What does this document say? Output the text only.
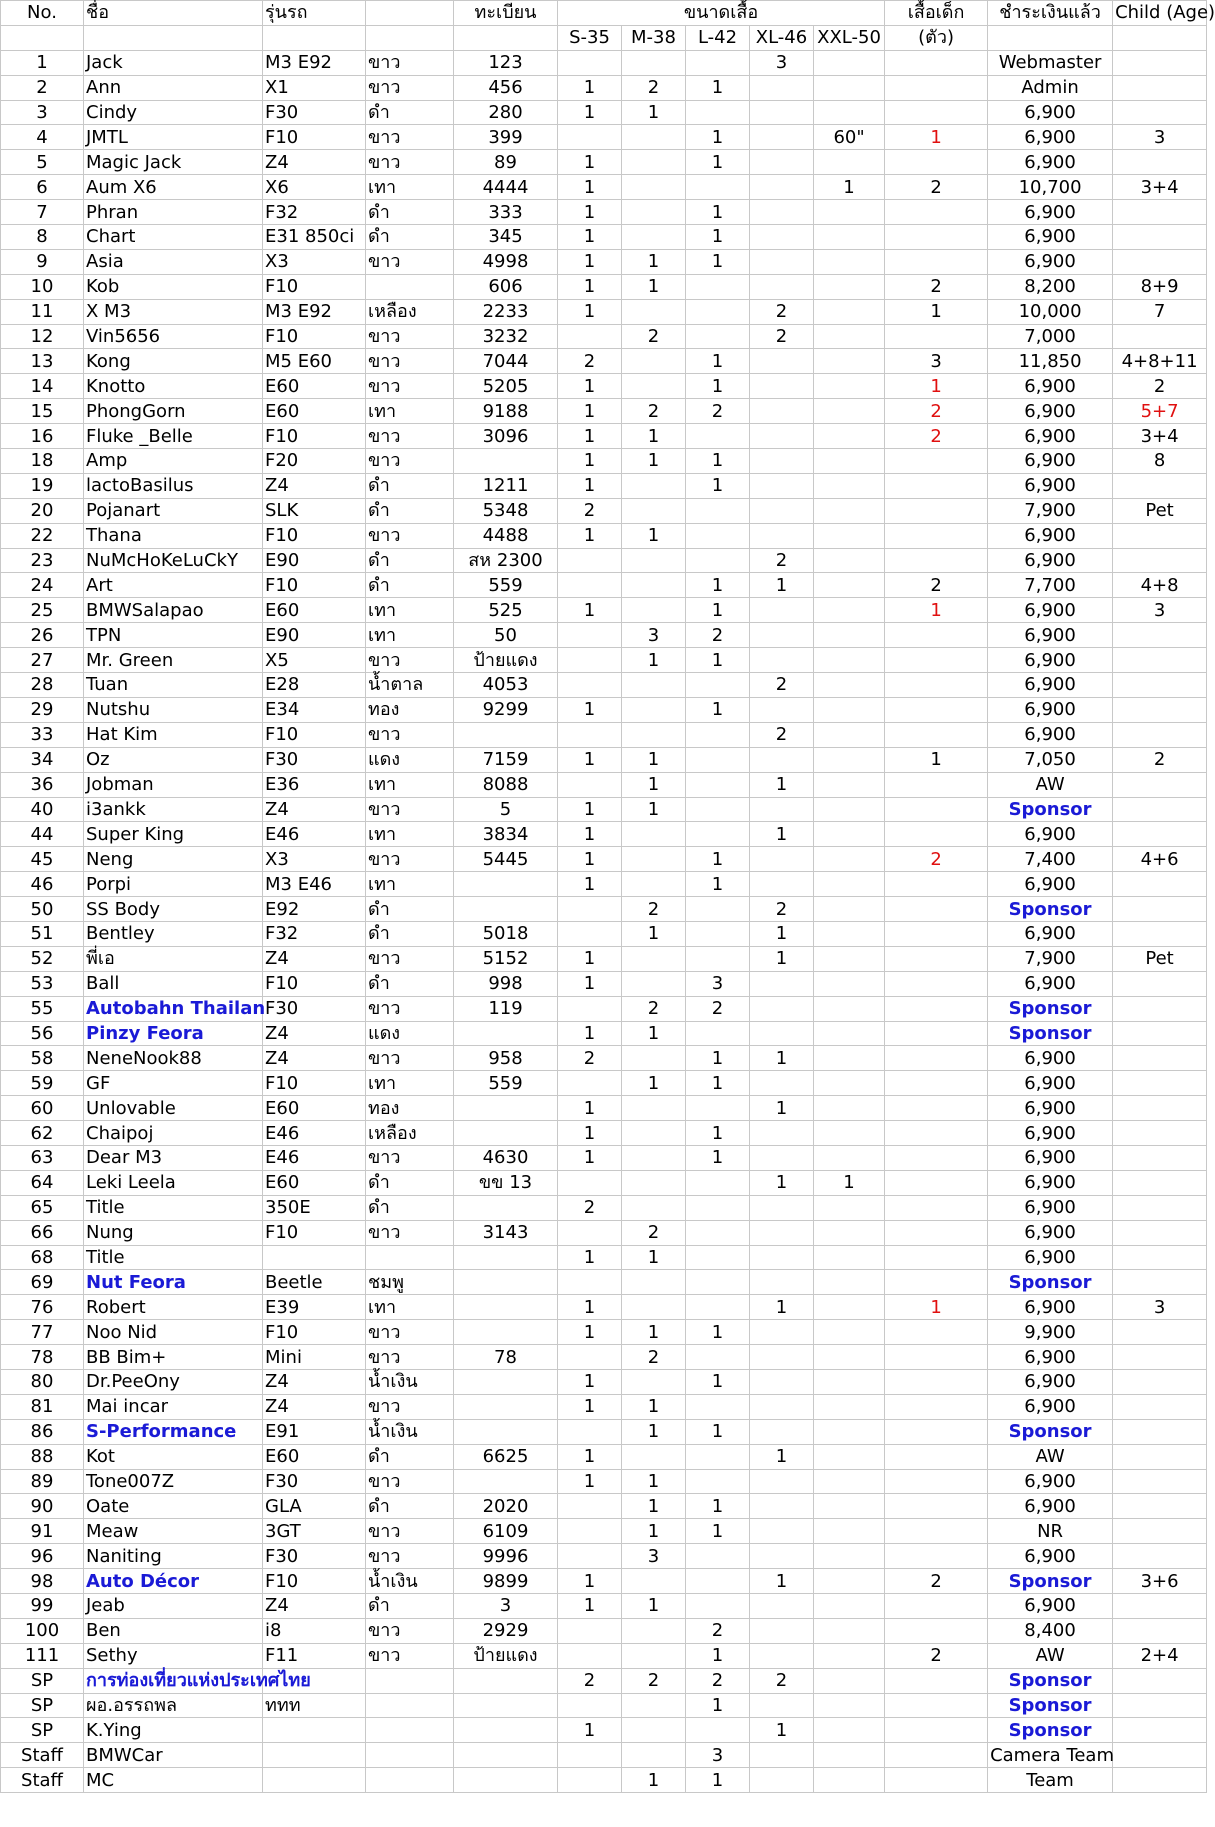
No.	ชื่อ	รุ่นรถ		ทะเบียน	ขนาดเสื้อ					เสื้อเด็ก	ชำระเงินแล้ว	Child (Age)
					S-35	M-38	L-42	XL-46	XXL-50	(ตัว)		
1	Jack	M3 E92	ขาว	123				3			Webmaster	
2	Ann	X1	ขาว	456	1	2	1				Admin	
3	Cindy	F30	ดำ	280	1	1					6,900	
4	JMTL	F10	ขาว	399			1		60"	1	6,900	3
5	Magic Jack	Z4	ขาว	89	1		1				6,900	
6	Aum X6	X6	เทา	4444	1				1	2	10,700	3+4
7	Phran	F32	ดำ	333	1		1				6,900	
8	Chart	E31 850ci	ดำ	345	1		1				6,900	
9	Asia	X3	ขาว	4998	1	1	1				6,900	
10	Kob	F10		606	1	1				2	8,200	8+9
11	X M3	M3 E92	เหลือง	2233	1			2		1	10,000	7
12	Vin5656	F10	ขาว	3232		2		2			7,000	
13	Kong	M5 E60	ขาว	7044	2		1			3	11,850	4+8+11
14	Knotto	E60	ขาว	5205	1		1			1	6,900	2
15	PhongGorn	E60	เทา	9188	1	2	2			2	6,900	5+7
16	Fluke _Belle	F10	ขาว	3096	1	1				2	6,900	3+4
18	Amp	F20	ขาว		1	1	1				6,900	8
19	lactoBasilus	Z4	ดำ	1211	1		1				6,900	
20	Pojanart	SLK	ดำ	5348	2						7,900	Pet
22	Thana	F10	ขาว	4488	1	1					6,900	
23	NuMcHoKeLuCkY	E90	ดำ	สห 2300				2			6,900	
24	Art	F10	ดำ	559			1	1		2	7,700	4+8
25	BMWSalapao	E60	เทา	525	1		1			1	6,900	3
26	TPN	E90	เทา	50		3	2				6,900	
27	Mr. Green	X5	ขาว	ป้ายแดง		1	1				6,900	
28	Tuan	E28	น้ำตาล	4053				2			6,900	
29	Nutshu	E34	ทอง	9299	1		1				6,900	
33	Hat Kim	F10	ขาว					2			6,900	
34	Oz	F30	แดง	7159	1	1				1	7,050	2
36	Jobman	E36	เทา	8088		1		1			AW	
40	i3ankk	Z4	ขาว	5	1	1					Sponsor	
44	Super King	E46	เทา	3834	1			1			6,900	
45	Neng	X3	ขาว	5445	1		1			2	7,400	4+6
46	Porpi	M3 E46	เทา		1		1				6,900	
50	SS Body	E92	ดำ			2		2			Sponsor	
51	Bentley	F32	ดำ	5018		1		1			6,900	
52	พี่เอ	Z4	ขาว	5152	1			1			7,900	Pet
53	Ball	F10	ดำ	998	1		3				6,900	
55	Autobahn Thailan	F30	ขาว	119		2	2				Sponsor	
56	Pinzy Feora	Z4	แดง		1	1					Sponsor	
58	NeneNook88	Z4	ขาว	958	2		1	1			6,900	
59	GF	F10	เทา	559		1	1				6,900	
60	Unlovable	E60	ทอง		1			1			6,900	
62	Chaipoj	E46	เหลือง		1		1				6,900	
63	Dear M3	E46	ขาว	4630	1		1				6,900	
64	Leki Leela	E60	ดำ	ขข 13				1	1		6,900	
65	Title	350E	ดำ		2						6,900	
66	Nung	F10	ขาว	3143		2					6,900	
68	Title				1	1					6,900	
69	Nut Feora	Beetle	ชมพู								Sponsor	
76	Robert	E39	เทา		1			1		1	6,900	3
77	Noo Nid	F10	ขาว		1	1	1				9,900	
78	BB Bim+	Mini	ขาว	78		2					6,900	
80	Dr.PeeOny	Z4	น้ำเงิน		1		1				6,900	
81	Mai incar	Z4	ขาว		1	1					6,900	
86	S-Performance	E91	น้ำเงิน			1	1				Sponsor	
88	Kot	E60	ดำ	6625	1			1			AW	
89	Tone007Z	F30	ขาว		1	1					6,900	
90	Oate	GLA	ดำ	2020		1	1				6,900	
91	Meaw	3GT	ขาว	6109		1	1				NR	
96	Naniting	F30	ขาว	9996		3					6,900	
98	Auto Décor	F10	น้ำเงิน	9899	1			1		2	Sponsor	3+6
99	Jeab	Z4	ดำ	3	1	1					6,900	
100	Ben	i8	ขาว	2929			2				8,400	
111	Sethy	F11	ขาว	ป้ายแดง			1			2	AW	2+4
SP	การท่องเที่ยวแห่งประเทศไทย				2	2	2	2			Sponsor	
SP	ผอ.อรรถพล	ททท					1				Sponsor	
SP	K.Ying				1			1			Sponsor	
Staff	BMWCar						3				Camera Team	
Staff	MC					1	1				Team	
